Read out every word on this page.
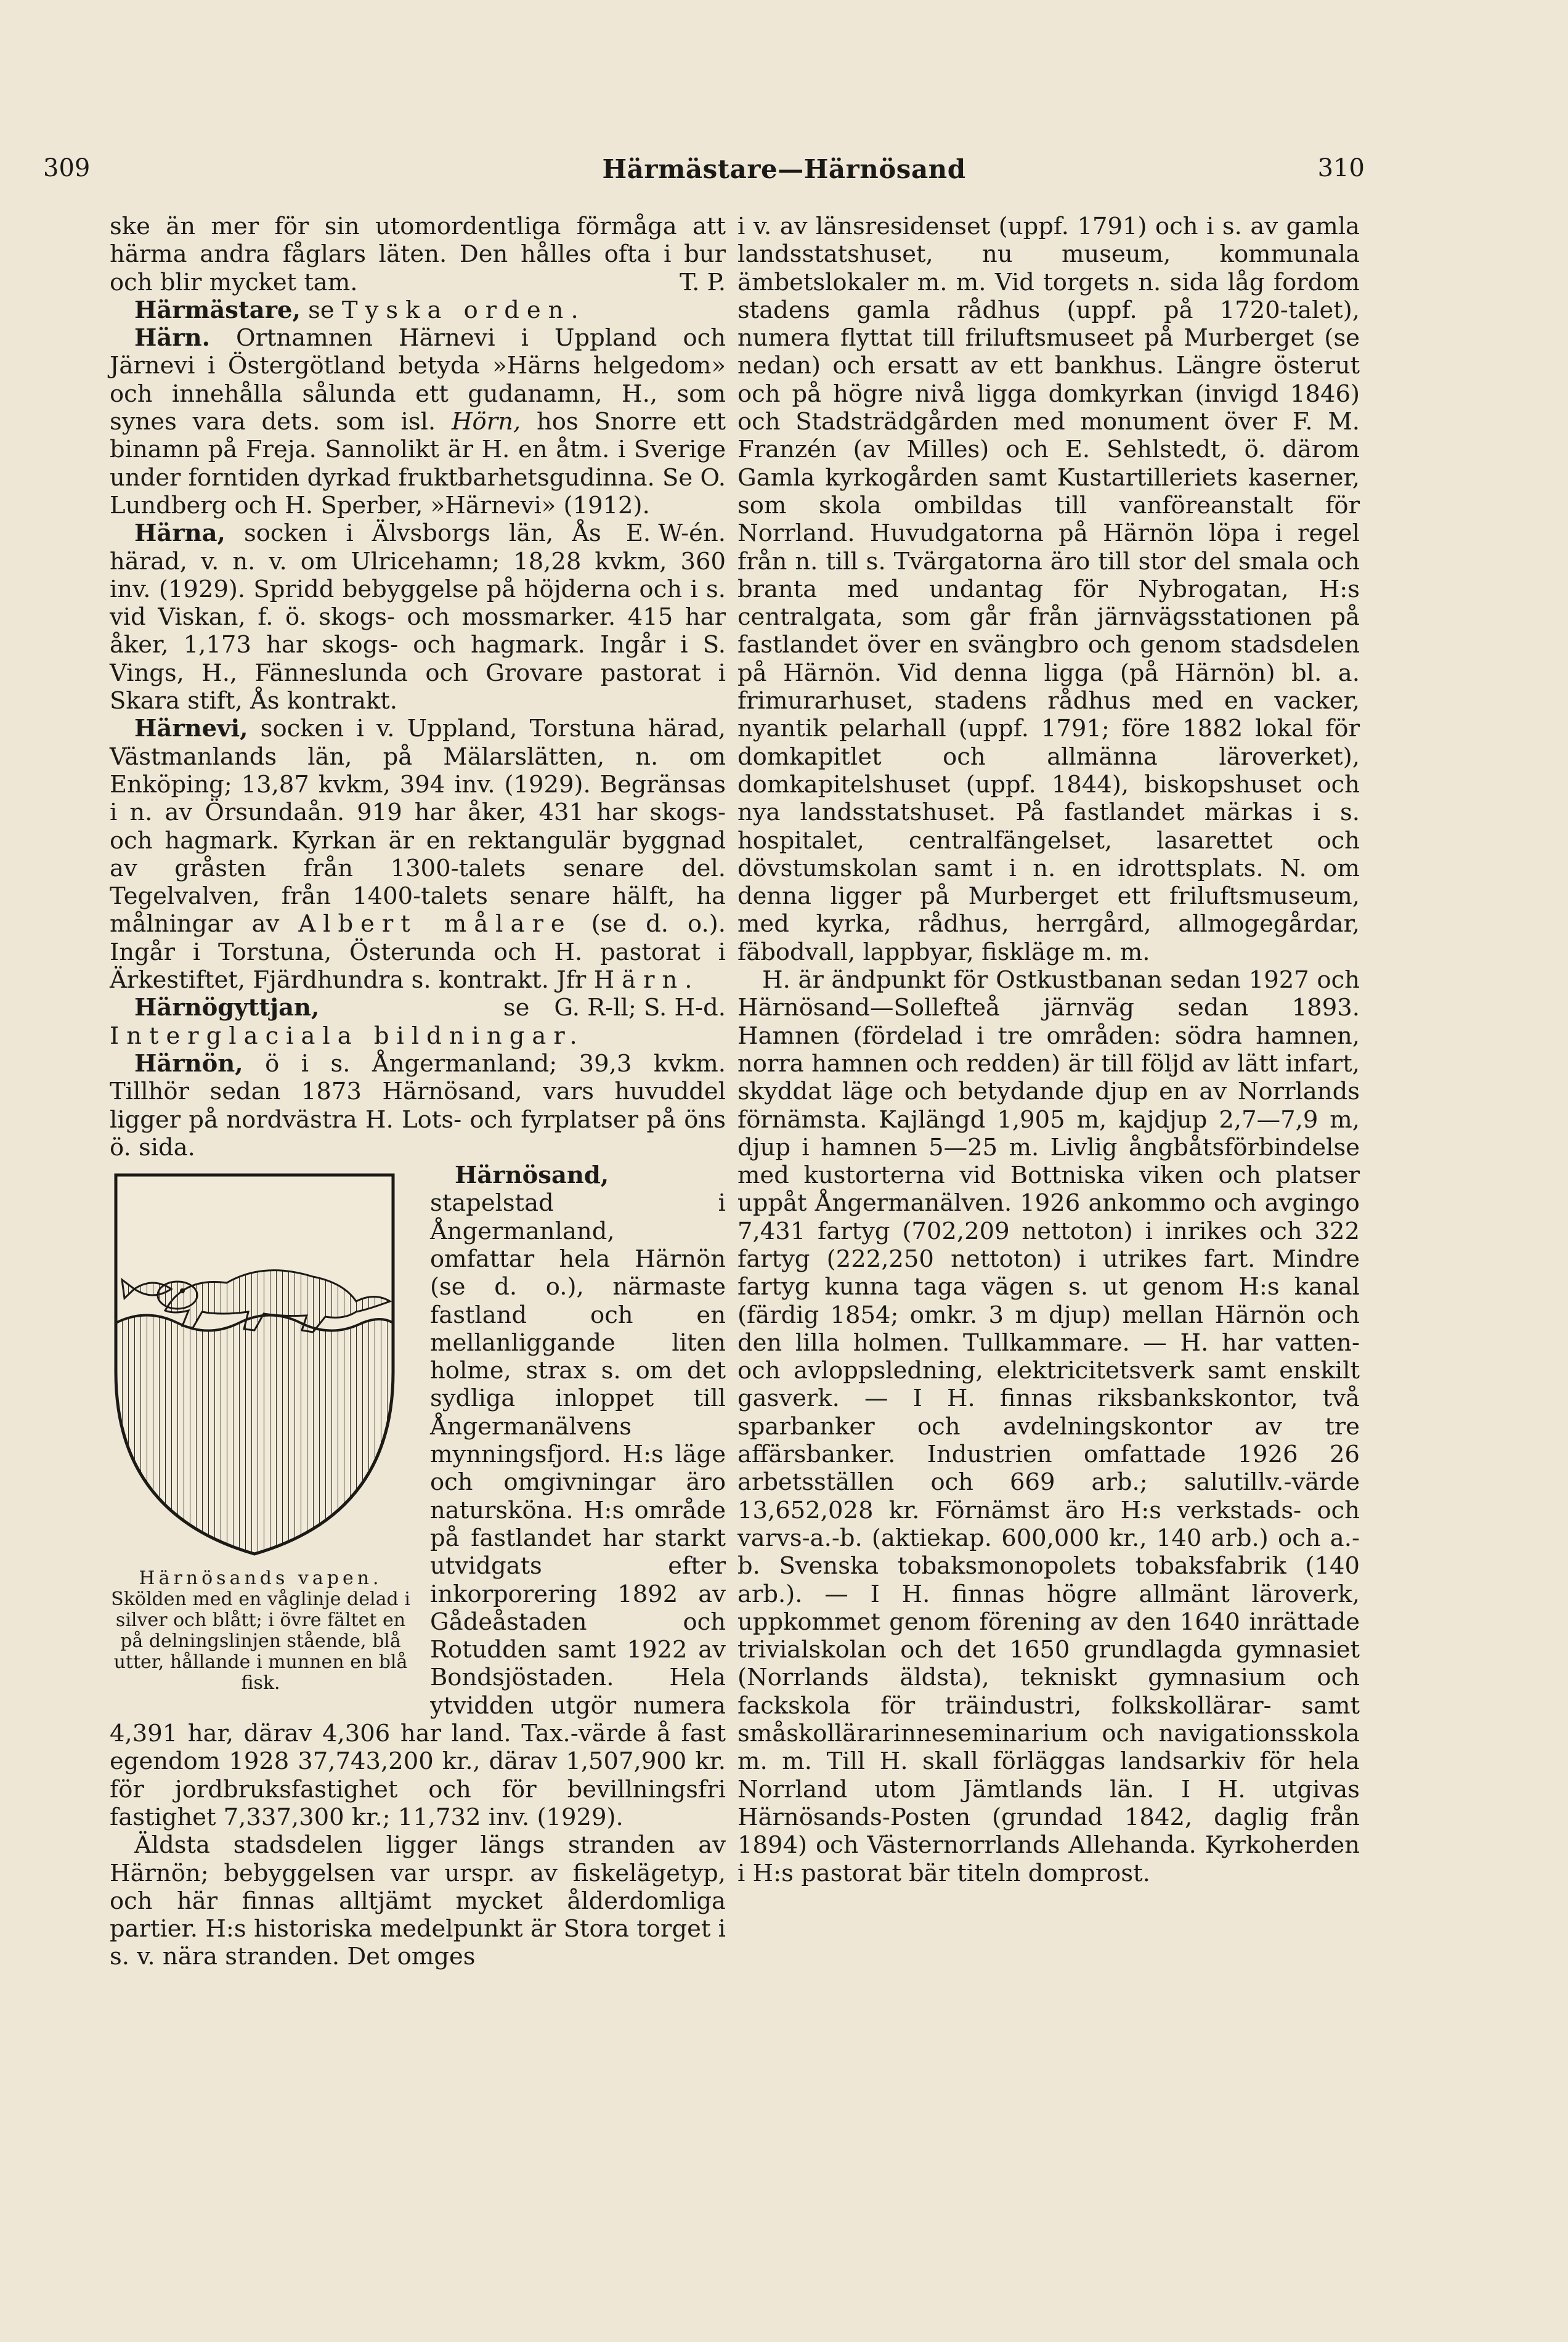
309	Härmästare—Härnösand	310

ske än mer för sin utomordentliga förmåga att härma andra fåglars läten. Den hålles ofta i bur och blir mycket tam.	T. P.

Härmästare, se Tyska orden.

Härn. Ortnamnen Härnevi i Uppland och Järnevi i Östergötland betyda »Härns helgedom» och innehålla sålunda ett gudanamn, H., som synes vara dets. som isl. Hörn, hos Snorre ett binamn på Freja. Sannolikt är H. en åtm. i Sverige under forntiden dyrkad fruktbarhetsgudinna. Se O. Lundberg och H. Sperber, »Härnevi» (1912).
E. W-én.

Härna, socken i Älvsborgs län, Ås härad, v. n. v. om Ulricehamn; 18,28 kvkm, 360 inv. (1929). Spridd bebyggelse på höjderna och i s. vid Viskan, f. ö. skogs- och mossmarker. 415 har åker, 1,173 har skogs- och hagmark. Ingår i S. Vings, H., Fänneslunda och Grovare pastorat i Skara stift, Ås kontrakt.

Härnevi, socken i v. Uppland, Torstuna härad, Västmanlands län, på Mälarslätten, n. om Enköping; 13,87 kvkm, 394 inv. (1929). Begränsas i n. av Örsundaån. 919 har åker, 431 har skogs- och hagmark. Kyrkan är en rektangulär byggnad av gråsten från 1300-talets senare del. Tegelvalven, från 1400-talets senare hälft, ha målningar av Albert målare (se d. o.). Ingår i Torstuna, Österunda och H. pastorat i Ärkestiftet, Fjärdhundra s. kontrakt. Jfr Härn.
G. R-ll; S. H-d.

Härnögyttjan, se Interglaciala bildningar.

Härnön, ö i s. Ångermanland; 39,3 kvkm. Tillhör sedan 1873 Härnösand, vars huvuddel ligger på nordvästra H. Lots- och fyrplatser på öns ö. sida.

Härnösands vapen.
Skölden med en våglinje delad i silver och blått; i övre fältet en på delningslinjen stående, blå utter, hållande i munnen en blå fisk.

Härnösand, stapelstad i Ångermanland, omfattar hela Härnön (se d. o.), närmaste fastland och en mellanliggande liten holme, strax s. om det sydliga inloppet till Ångermanälvens mynningsfjord. H:s läge och omgivningar äro natursköna. H:s område på fastlandet har starkt utvidgats efter inkorporering 1892 av Gådeåstaden och Rotudden samt 1922 av Bondsjöstaden. Hela ytvidden utgör numera 4,391 har, därav 4,306 har land. Tax.-värde å fast egendom 1928 37,743,200 kr., därav 1,507,900 kr. för jordbruksfastighet och för bevillningsfri fastighet 7,337,300 kr.; 11,732 inv. (1929).

Äldsta stadsdelen ligger längs stranden av Härnön; bebyggelsen var urspr. av fiskelägetyp, och här finnas alltjämt mycket ålderdomliga partier. H:s historiska medelpunkt är Stora torget i s. v. nära stranden. Det omges

i v. av länsresidenset (uppf. 1791) och i s. av gamla landsstatshuset, nu museum, kommunala ämbetslokaler m. m. Vid torgets n. sida låg fordom stadens gamla rådhus (uppf. på 1720-talet), numera flyttat till friluftsmuseet på Murberget (se nedan) och ersatt av ett bankhus. Längre österut och på högre nivå ligga domkyrkan (invigd 1846) och Stadsträdgården med monument över F. M. Franzén (av Milles) och E. Sehlstedt, ö. därom Gamla kyrkogården samt Kustartilleriets kaserner, som skola ombildas till vanföreanstalt för Norrland. Huvudgatorna på Härnön löpa i regel från n. till s. Tvärgatorna äro till stor del smala och branta med undantag för Nybrogatan, H:s centralgata, som går från järnvägsstationen på fastlandet över en svängbro och genom stadsdelen på Härnön. Vid denna ligga (på Härnön) bl. a. frimurarhuset, stadens rådhus med en vacker, nyantik pelarhall (uppf. 1791; före 1882 lokal för domkapitlet och allmänna läroverket), domkapitelshuset (uppf. 1844), biskopshuset och nya landsstatshuset. På fastlandet märkas i s. hospitalet, centralfängelset, lasarettet och dövstumskolan samt i n. en idrottsplats. N. om denna ligger på Murberget ett friluftsmuseum, med kyrka, rådhus, herrgård, allmogegårdar, fäbodvall, lappbyar, fiskläge m. m.

H. är ändpunkt för Ostkustbanan sedan 1927 och Härnösand—Sollefteå järnväg sedan 1893. Hamnen (fördelad i tre områden: södra hamnen, norra hamnen och redden) är till följd av lätt infart, skyddat läge och betydande djup en av Norrlands förnämsta. Kajlängd 1,905 m, kajdjup 2,7—7,9 m, djup i hamnen 5—25 m. Livlig ångbåtsförbindelse med kustorterna vid Bottniska viken och platser uppåt Ångermanälven. 1926 ankommo och avgingo 7,431 fartyg (702,209 nettoton) i inrikes och 322 fartyg (222,250 nettoton) i utrikes fart. Mindre fartyg kunna taga vägen s. ut genom H:s kanal (färdig 1854; omkr. 3 m djup) mellan Härnön och den lilla holmen. Tullkammare. — H. har vatten- och avloppsledning, elektricitetsverk samt enskilt gasverk. — I H. finnas riksbankskontor, två sparbanker och avdelningskontor av tre affärsbanker. Industrien omfattade 1926 26 arbetsställen och 669 arb.; salutillv.-värde 13,652,028 kr. Förnämst äro H:s verkstads- och varvs-a.-b. (aktiekap. 600,000 kr., 140 arb.) och a.-b. Svenska tobaksmonopolets tobaksfabrik (140 arb.). — I H. finnas högre allmänt läroverk, uppkommet genom förening av den 1640 inrättade trivialskolan och det 1650 grundlagda gymnasiet (Norrlands äldsta), tekniskt gymnasium och fackskola för träindustri, folkskollärar- samt småskollärarinneseminarium och navigationsskola m. m. Till H. skall förläggas landsarkiv för hela Norrland utom Jämtlands län. I H. utgivas Härnösands-Posten (grundad 1842, daglig från 1894) och Västernorrlands Allehanda. Kyrkoherden i H:s pastorat bär titeln domprost.
